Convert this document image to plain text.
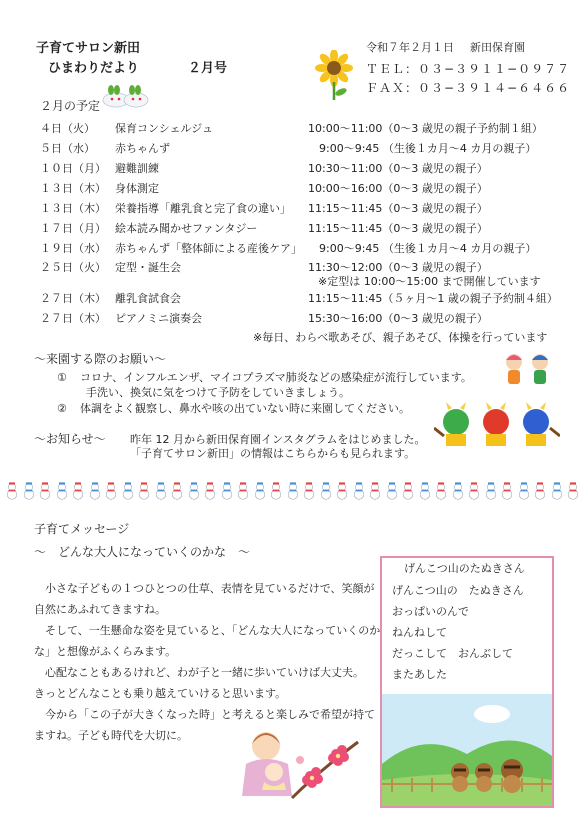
子育てサロン新田
ひまわりだより	２月号
令和７年２月１日 新田保育園
ＴＥＬ：０３−３９１１−０９７７
ＦＡＸ：０３−３９１４−６４６６
２月の予定
４日（火） 保育コンシェルジュ	10:00〜11:00（0〜3 歳児の親子予約制１組）
５日（水） 赤ちゃんず	　9:00〜9:45 （生後１カ月〜4 カ月の親子）
１０日（月） 避難訓練	10:30〜11:00（0〜3 歳児の親子）
１３日（木） 身体測定	10:00〜16:00（0〜3 歳児の親子）
１３日（木） 栄養指導「離乳食と完了食の違い」 11:15〜11:45（0〜3 歳児の親子）
１７日（月） 絵本読み聞かせファンタジー	11:15〜11:45（0〜3 歳児の親子）
１９日（水） 赤ちゃんず「整体師による産後ケア」 　9:00〜9:45 （生後１カ月〜4 カ月の親子）
２５日（火） 定型・誕生会	11:30〜12:00（0〜3 歳児の親子）
※定型は 10:00〜15:00 まで開催しています
２７日（木） 離乳食試食会	11:15〜11:45（５ヶ月〜1 歳の親子予約制４組）
２７日（木） ピアノミニ演奏会	15:30〜16:00（0〜3 歳児の親子）
※毎日、わらべ歌あそび、親子あそび、体操を行っています
〜来園する際のお願い〜
① コロナ、インフルエンザ、マイコプラズマ肺炎などの感染症が流行しています。
手洗い、換気に気をつけて予防をしていきましょう。
② 体調をよく観察し、鼻水や咳の出ていない時に来園してください。
〜お知らせ〜 昨年 12 月から新田保育園インスタグラムをはじめました。
「子育てサロン新田」の情報はこちらからも見られます。
子育てメッセージ
〜　どんな大人になっていくのかな　〜

　小さな子どもの１つひとつの仕草、表情を見ているだけで、笑顔が

自然にあふれてきますね。

　そして、一生懸命な姿を見ていると、「どんな大人になっていくのか

な」と想像がふくらみます。

　心配なこともあるけれど、わが子と一緒に歩いていけば大丈夫。

きっとどんなことも乗り越えていけると思います。

　今から「この子が大きくなった時」と考えると楽しみで希望が持て

ますね。子ども時代を大切に。

げんこつ山のたぬきさん
げんこつ山の　たぬきさん
おっぱいのんで
ねんねして
だっこして　おんぶして
またあした
